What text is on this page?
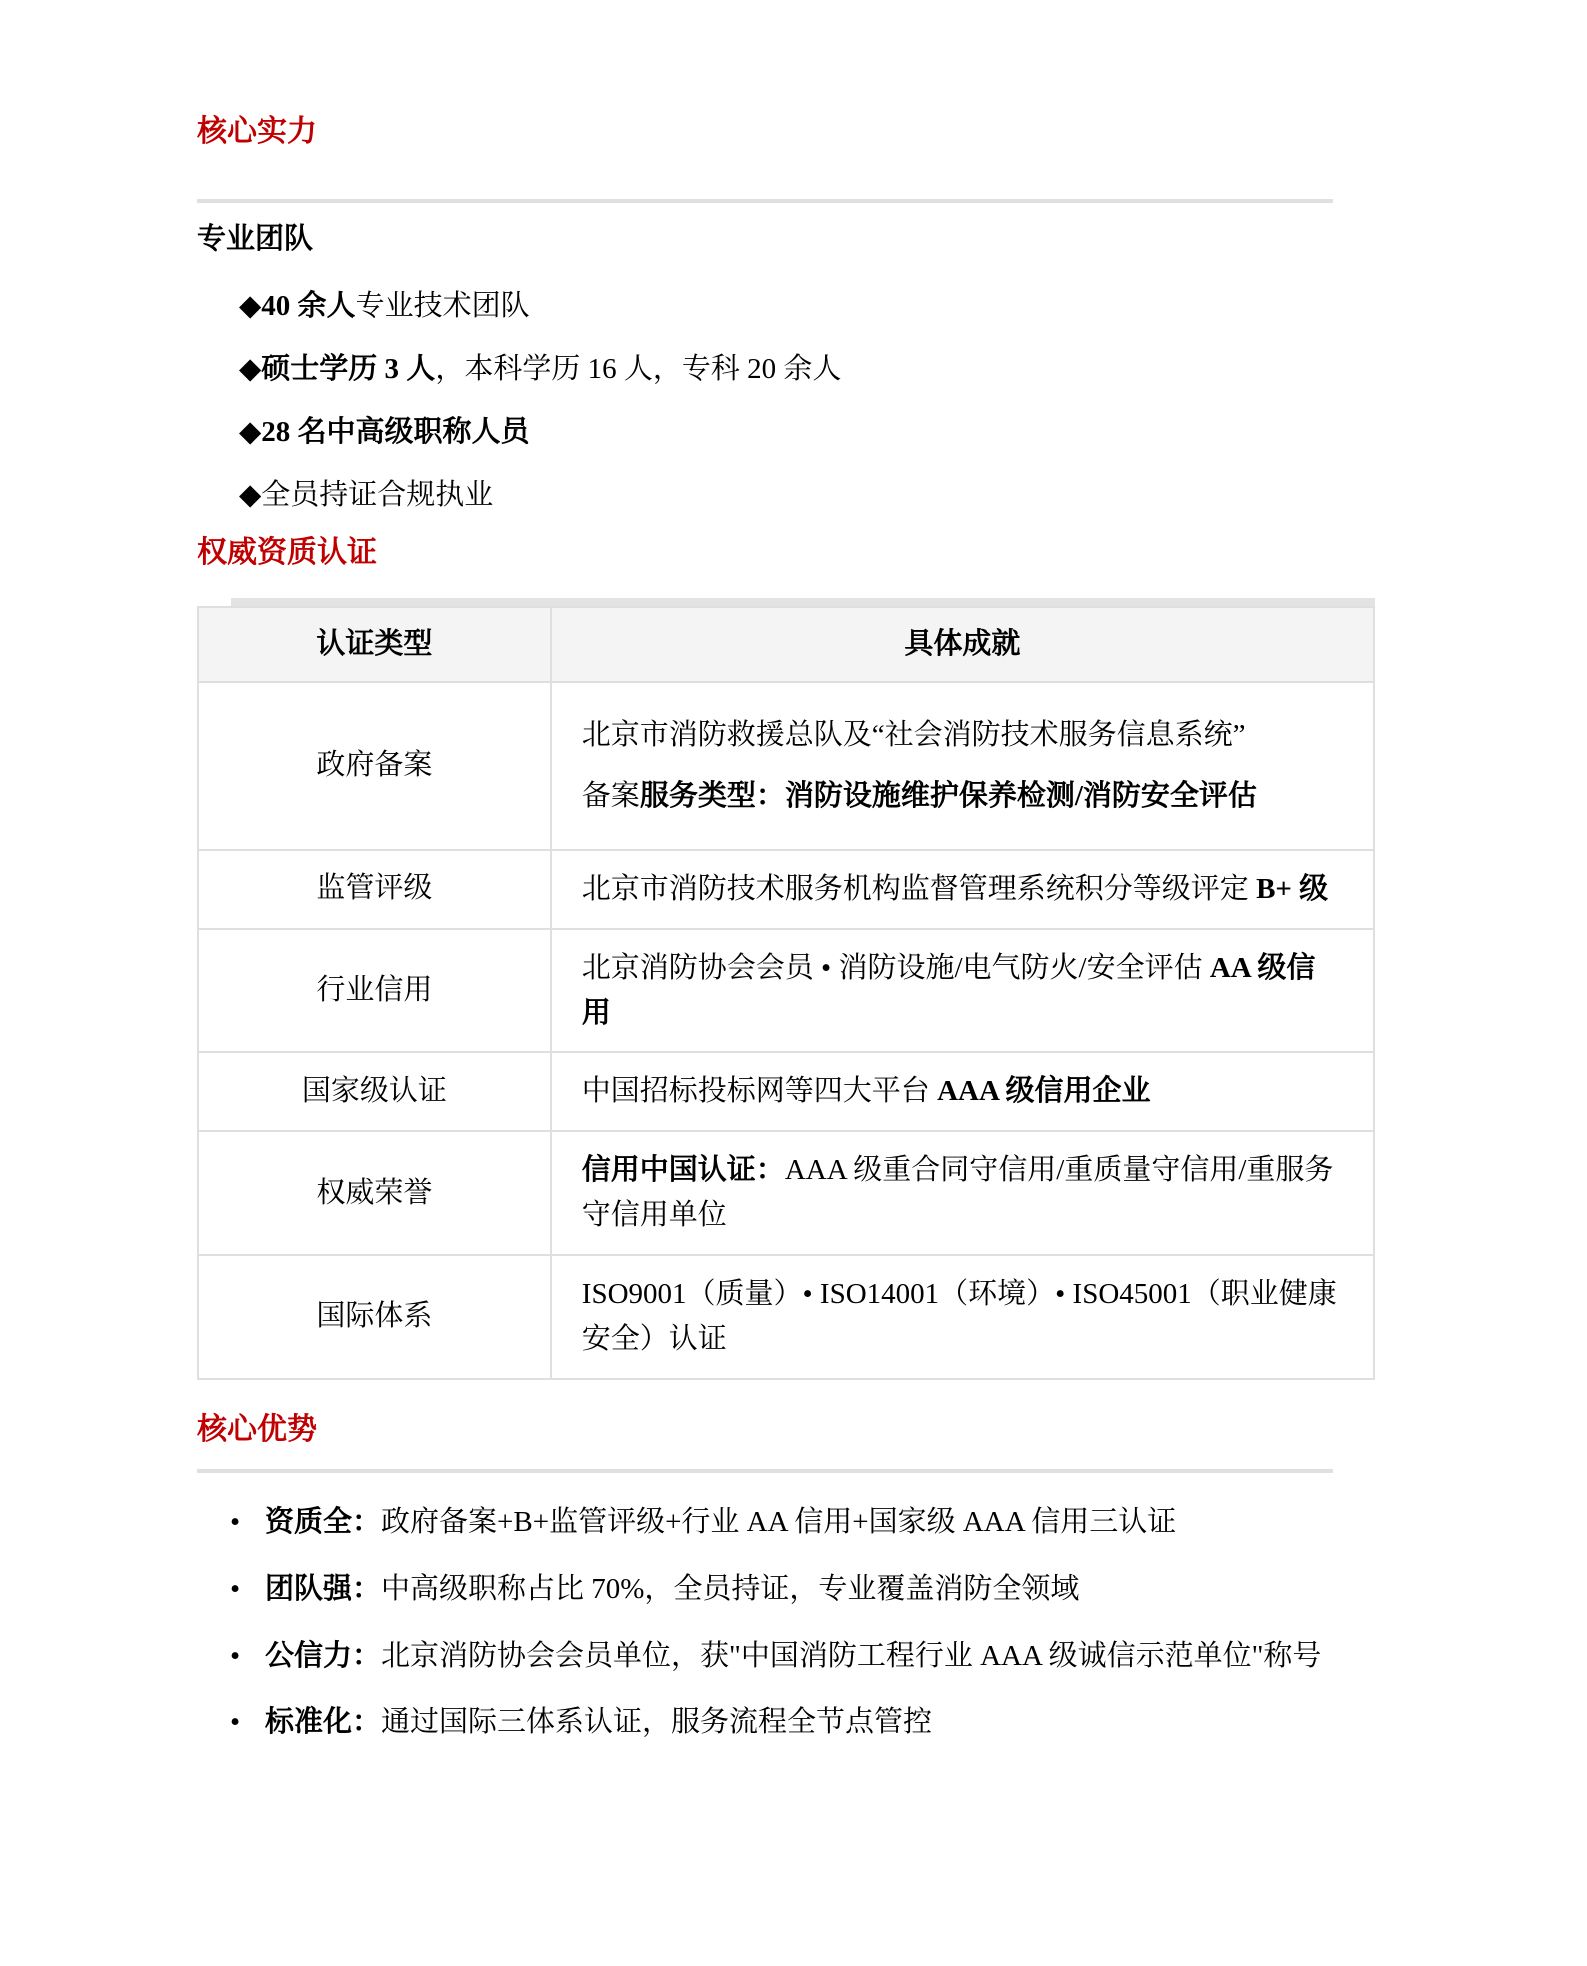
核心实力

专业团队

◆40 余人专业技术团队

◆硕士学历 3 人，本科学历 16 人，专科 20 余人

◆28 名中高级职称人员

◆全员持证合规执业

权威资质认证
认证类型	具体成就
政府备案	北京市消防救援总队及“社会消防技术服务信息系统”
备案服务类型：消防设施维护保养检测/消防安全评估
监管评级	北京市消防技术服务机构监督管理系统积分等级评定 B+ 级
行业信用	北京消防协会会员 • 消防设施/电气防火/安全评估 AA 级信用
国家级认证	中国招标投标网等四大平台 AAA 级信用企业
权威荣誉	信用中国认证：AAA 级重合同守信用/重质量守信用/重服务守信用单位
国际体系	ISO9001（质量）• ISO14001（环境）• ISO45001（职业健康安全）认证
核心优势
• 资质全：政府备案+B+监管评级+行业 AA 信用+国家级 AAA 信用三认证
• 团队强：中高级职称占比 70%，全员持证，专业覆盖消防全领域
• 公信力：北京消防协会会员单位，获"中国消防工程行业 AAA 级诚信示范单位"称号
• 标准化：通过国际三体系认证，服务流程全节点管控
